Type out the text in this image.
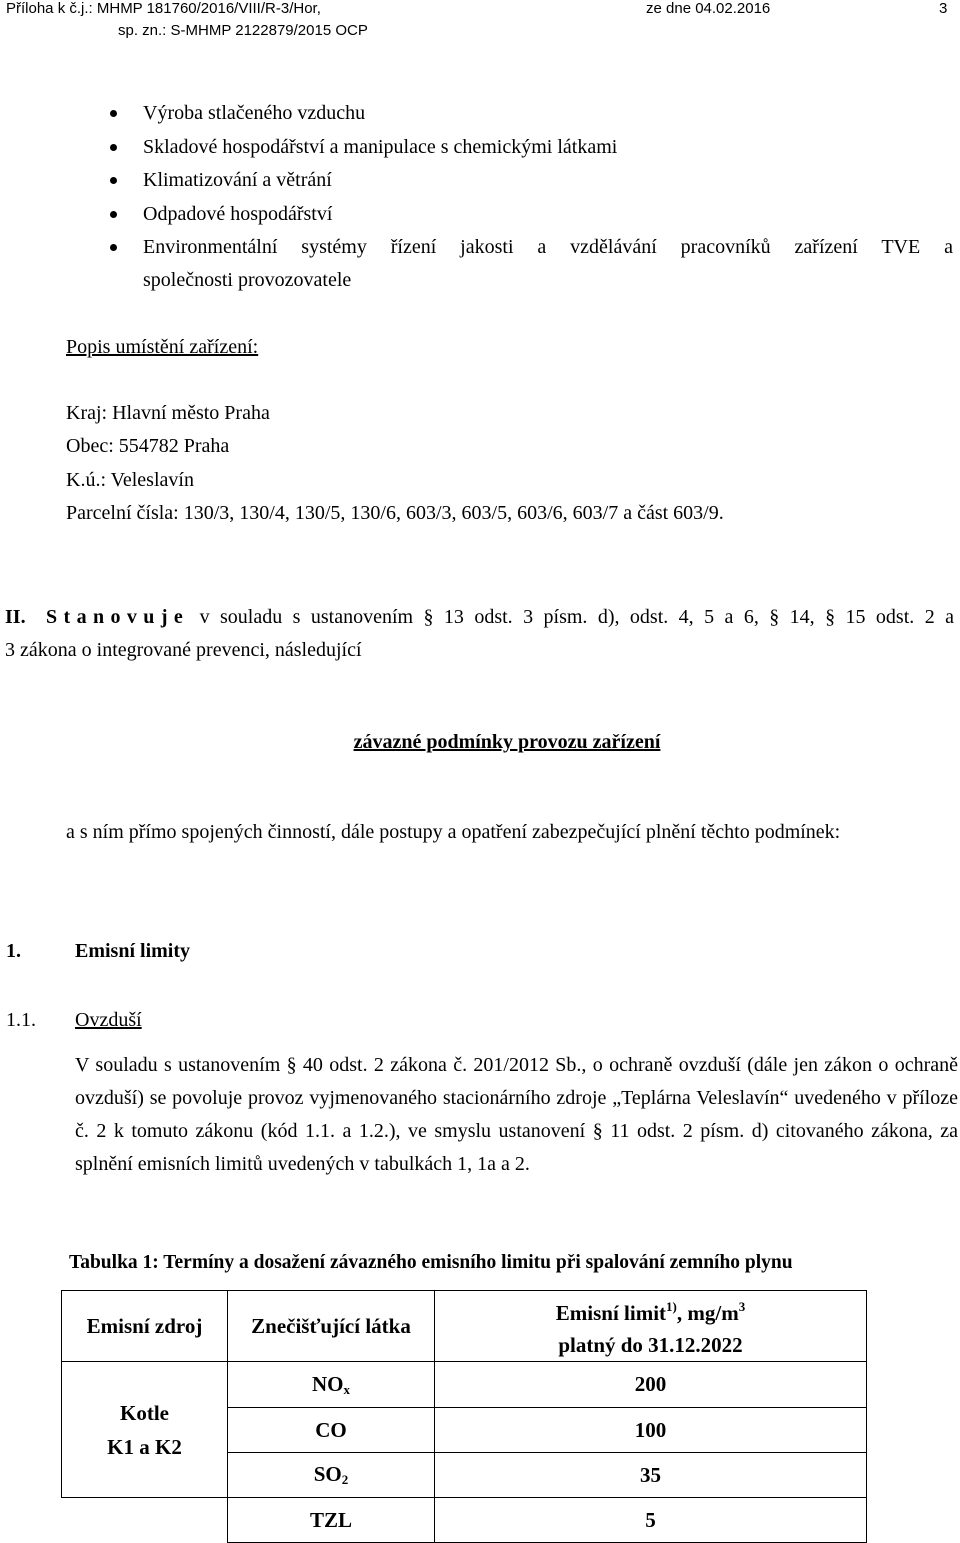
Příloha k č.j.: MHMP 181760/2016/VIII/R-3/Hor,	ze dne 04.02.2016	3
sp. zn.: S-MHMP 2122879/2015 OCP
Výroba stlačeného vzduchu
Skladové hospodářství a manipulace s chemickými látkami
Klimatizování a větrání
Odpadové hospodářství
Environmentální systémy řízení jakosti a vzdělávání pracovníků zařízení TVE a
společnosti provozovatele
Popis umístění zařízení:
Kraj: Hlavní město Praha
Obec: 554782 Praha
K.ú.: Veleslavín
Parcelní čísla: 130/3, 130/4, 130/5, 130/6, 603/3, 603/5, 603/6, 603/7 a část 603/9.
II. Stanovuje v souladu s ustanovením § 13 odst. 3 písm. d), odst. 4, 5 a 6, § 14, § 15 odst. 2 a
3 zákona o integrované prevenci, následující
závazné podmínky provozu zařízení
a s ním přímo spojených činností, dále postupy a opatření zabezpečující plnění těchto podmínek:
1.	Emisní limity
1.1. Ovzduší
V souladu s ustanovením § 40 odst. 2 zákona č. 201/2012 Sb., o ochraně ovzduší (dále jen zákon o ochraně ovzduší) se povoluje provoz vyjmenovaného stacionárního zdroje „Teplárna Veleslavín“ uvedeného v příloze č. 2 k tomuto zákonu (kód 1.1. a 1.2.), ve smyslu ustanovení § 11 odst. 2 písm. d) citovaného zákona, za splnění emisních limitů uvedených v tabulkách 1, 1a a 2.
Tabulka 1: Termíny a dosažení závazného emisního limitu při spalování zemního plynu
Emisní zdroj	Znečišťující látka	Emisní limit$^{1)}$, $mg/m^3$
platný do 31.12.2022
Kotle
K1 a K2	$NO_x$	200
	CO	100
	$SO_2$	35
	TZL	5
